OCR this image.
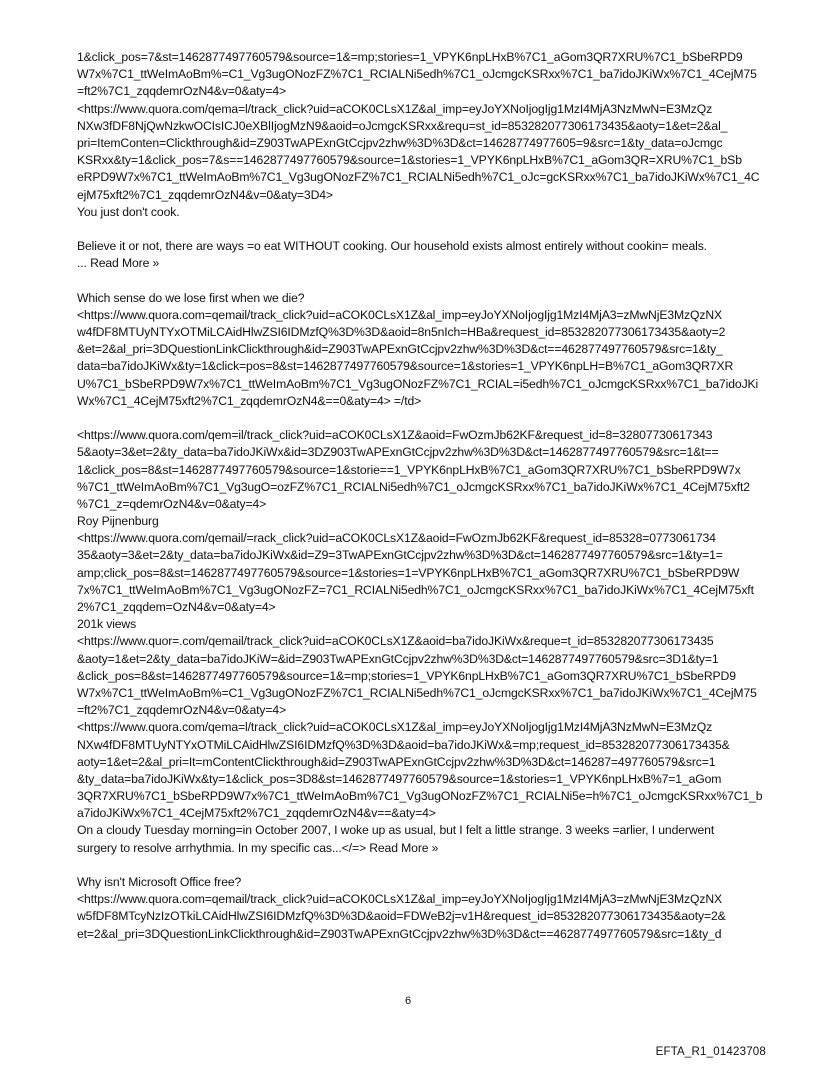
1&click_pos=7&st=1462877497760579&source=1&=mp;stories=1_VPYK6npLHxB%7C1_aGom3QR7XRU%7C1_bSbeRPD9
W7x%7C1_ttWeImAoBm%=C1_Vg3ugONozFZ%7C1_RCIALNi5edh%7C1_oJcmgcKSRxx%7C1_ba7idoJKiWx%7C1_4CejM75
=ft2%7C1_zqqdemrOzN4&v=0&aty=4>
<https://www.quora.com/qema=l/track_click?uid=aCOK0CLsX1Z&al_imp=eyJoYXNoIjogIjg1MzI4MjA3NzMwN=E3MzQz
NXw3fDF8NjQwNzkwOCIsICJ0eXBlIjogMzN9&aoid=oJcmgcKSRxx&requ=st_id=853282077306173435&aoty=1&et=2&al_
pri=ItemConten=Clickthrough&id=Z903TwAPExnGtCcjpv2zhw%3D%3D&ct=14628774977605=9&src=1&ty_data=oJcmgc
KSRxx&ty=1&click_pos=7&s==1462877497760579&source=1&stories=1_VPYK6npLHxB%7C1_aGom3QR=XRU%7C1_bSb
eRPD9W7x%7C1_ttWeImAoBm%7C1_Vg3ugONozFZ%7C1_RCIALNi5edh%7C1_oJc=gcKSRxx%7C1_ba7idoJKiWx%7C1_4C
ejM75xft2%7C1_zqqdemrOzN4&v=0&aty=3D4>
You just don't cook.
Believe it or not, there are ways =o eat WITHOUT cooking. Our household exists almost entirely without cookin= meals.
... Read More »
Which sense do we lose first when we die?
<https://www.quora.com=qemail/track_click?uid=aCOK0CLsX1Z&al_imp=eyJoYXNoIjogIjg1MzI4MjA3=zMwNjE3MzQzNX
w4fDF8MTUyNTYxOTMiLCAidHlwZSI6IDMzfQ%3D%3D&aoid=8n5nIch=HBa&request_id=853282077306173435&aoty=2
&et=2&al_pri=3DQuestionLinkClickthrough&id=Z903TwAPExnGtCcjpv2zhw%3D%3D&ct==462877497760579&src=1&ty_
data=ba7idoJKiWx&ty=1&click=pos=8&st=1462877497760579&source=1&stories=1_VPYK6npLH=B%7C1_aGom3QR7XR
U%7C1_bSbeRPD9W7x%7C1_ttWeImAoBm%7C1_Vg3ugONozFZ%7C1_RCIAL=i5edh%7C1_oJcmgcKSRxx%7C1_ba7idoJKi
Wx%7C1_4CejM75xft2%7C1_zqqdemrOzN4&==0&aty=4> =/td>
<https://www.quora.com/qem=il/track_click?uid=aCOK0CLsX1Z&aoid=FwOzmJb62KF&request_id=8=328077306173​43
5&aoty=3&et=2&ty_data=ba7idoJKiWx&id=3DZ903TwAPExnGtCcjpv2zhw%3D%3D&ct=1462877497760579&src=1&t==
1&click_pos=8&st=1462877497760579&source=1&storie==1_VPYK6npLHxB%7C1_aGom3QR7XRU%7C1_bSbeRPD9W7x
%7C1_ttWeImAoBm%7C1_Vg3ugO=ozFZ%7C1_RCIALNi5edh%7C1_oJcmgcKSRxx%7C1_ba7idoJKiWx%7C1_4CejM75xft2
%7C1_z=qdemrOzN4&v=0&aty=4>
Roy Pijnenburg
<https://www.quora.com/qemail/=rack_click?uid=aCOK0CLsX1Z&aoid=FwOzmJb62KF&request_id=85328=0773061734
35&aoty=3&et=2&ty_data=ba7idoJKiWx&id=Z9=3TwAPExnGtCcjpv2zhw%3D%3D&ct=1462877497760579&src=1&ty=1=
amp;click_pos=8&st=1462877497760579&source=1&stories=1=VPYK6npLHxB%7C1_aGom3QR7XRU%7C1_bSbeRPD9W
7x%7C1_ttWeImAoBm%7C1_Vg3ugONozFZ=7C1_RCIALNi5edh%7C1_oJcmgcKSRxx%7C1_ba7idoJKiWx%7C1_4CejM75xft
2%7C1_zqqdem=OzN4&v=0&aty=4>
201k views
<https://www.quor=.com/qemail/track_click?uid=aCOK0CLsX1Z&aoid=ba7idoJKiWx&reque=t_id=853282077306173435
&aoty=1&et=2&ty_data=ba7idoJKiW=&id=Z903TwAPExnGtCcjpv2zhw%3D%3D&ct=1462877497760579&src=3D1&ty=1
&click_pos=8&st=1462877497760579&source=1&=mp;stories=1_VPYK6npLHxB%7C1_aGom3QR7XRU%7C1_bSbeRPD9
W7x%7C1_ttWeImAoBm%=C1_Vg3ugONozFZ%7C1_RCIALNi5edh%7C1_oJcmgcKSRxx%7C1_ba7idoJKiWx%7C1_4CejM75
=ft2%7C1_zqqdemrOzN4&v=0&aty=4>
<https://www.quora.com/qema=l/track_click?uid=aCOK0CLsX1Z&al_imp=eyJoYXNoIjogIjg1MzI4MjA3NzMwN=E3MzQz
NXw4fDF8MTUyNTYxOTMiLCAidHlwZSI6IDMzfQ%3D%3D&aoid=ba7idoJKiWx&=mp;request_id=853282077306173435&
aoty=1&et=2&al_pri=It=mContentClickthrough&id=Z903TwAPExnGtCcjpv2zhw%3D%3D&ct=146287=497760579&src=1
&ty_data=ba7idoJKiWx&ty=1&click_pos=3D8&st=1462877497760579&source=1&stories=1_VPYK6npLHxB%7=1_aGom
3QR7XRU%7C1_bSbeRPD9W7x%7C1_ttWeImAoBm%7C1_Vg3ugONozFZ%7C1_RCIALNi5e=h%7C1_oJcmgcKSRxx%7C1_b
a7idoJKiWx%7C1_4CejM75xft2%7C1_zqqdemrOzN4&v==&aty=4>
On a cloudy Tuesday morning=in October 2007, I woke up as usual, but I felt a little strange. 3 weeks =arlier, I underwent
surgery to resolve arrhythmia. In my specific cas...</=> Read More »
Why isn't Microsoft Office free?
<https://www.quora.com=qemail/track_click?uid=aCOK0CLsX1Z&al_imp=eyJoYXNoIjogIjg1MzI4MjA3=zMwNjE3MzQzNX
w5fDF8MTcyNzIzOTkiLCAidHlwZSI6IDMzfQ%3D%3D&aoid=FDWeB2j=v1H&request_id=853282077306173435&aoty=2&
et=2&al_pri=3DQuestionLinkClickthrough&id=Z903TwAPExnGtCcjpv2zhw%3D%3D&ct==462877497760579&src=1&ty_d
6
EFTA_R1_01423708
